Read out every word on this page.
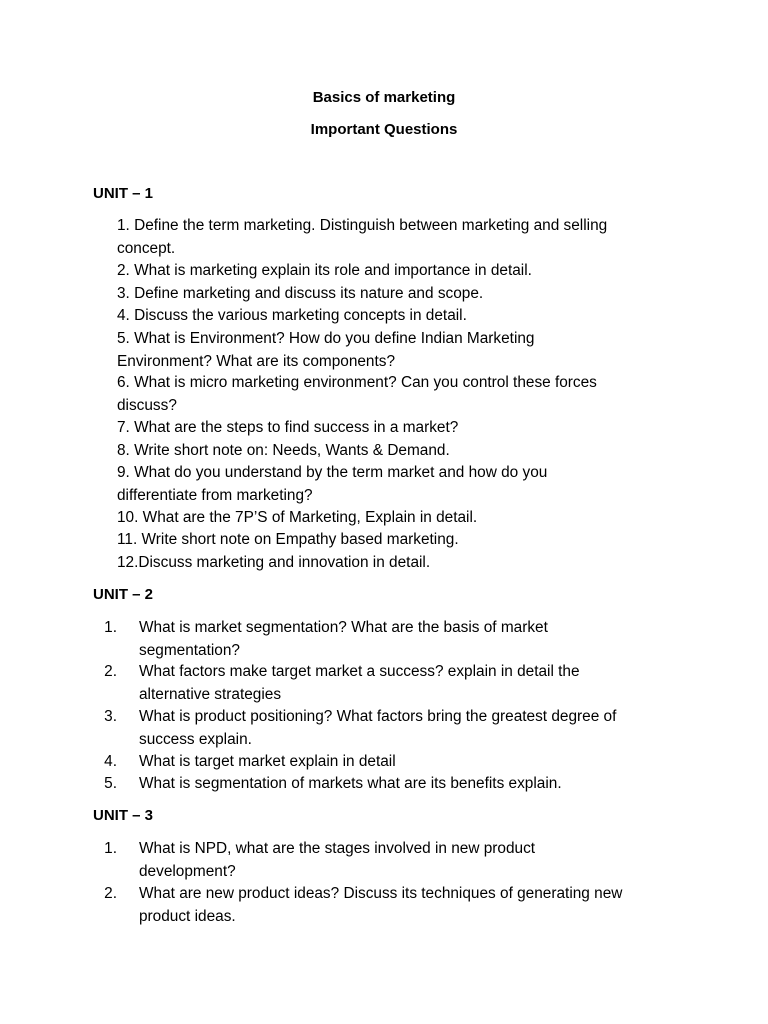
Basics of marketing
Important Questions
UNIT – 1
1. Define the term marketing. Distinguish between marketing and selling
concept.
2. What is marketing explain its role and importance in detail.
3. Define marketing and discuss its nature and scope.
4. Discuss the various marketing concepts in detail.
5. What is Environment? How do you define Indian Marketing
Environment? What are its components?
6. What is micro marketing environment? Can you control these forces
discuss?
7. What are the steps to find success in a market?
8. Write short note on: Needs, Wants & Demand.
9. What do you understand by the term market and how do you
differentiate from marketing?
10. What are the 7P’S of Marketing, Explain in detail.
11. Write short note on Empathy based marketing.
12.Discuss marketing and innovation in detail.
UNIT – 2
1. What is market segmentation? What are the basis of market
segmentation?
2. What factors make target market a success? explain in detail the
alternative strategies
3. What is product positioning? What factors bring the greatest degree of
success explain.
4. What is target market explain in detail
5. What is segmentation of markets what are its benefits explain.
UNIT – 3
1. What is NPD, what are the stages involved in new product
development?
2. What are new product ideas? Discuss its techniques of generating new
product ideas.
